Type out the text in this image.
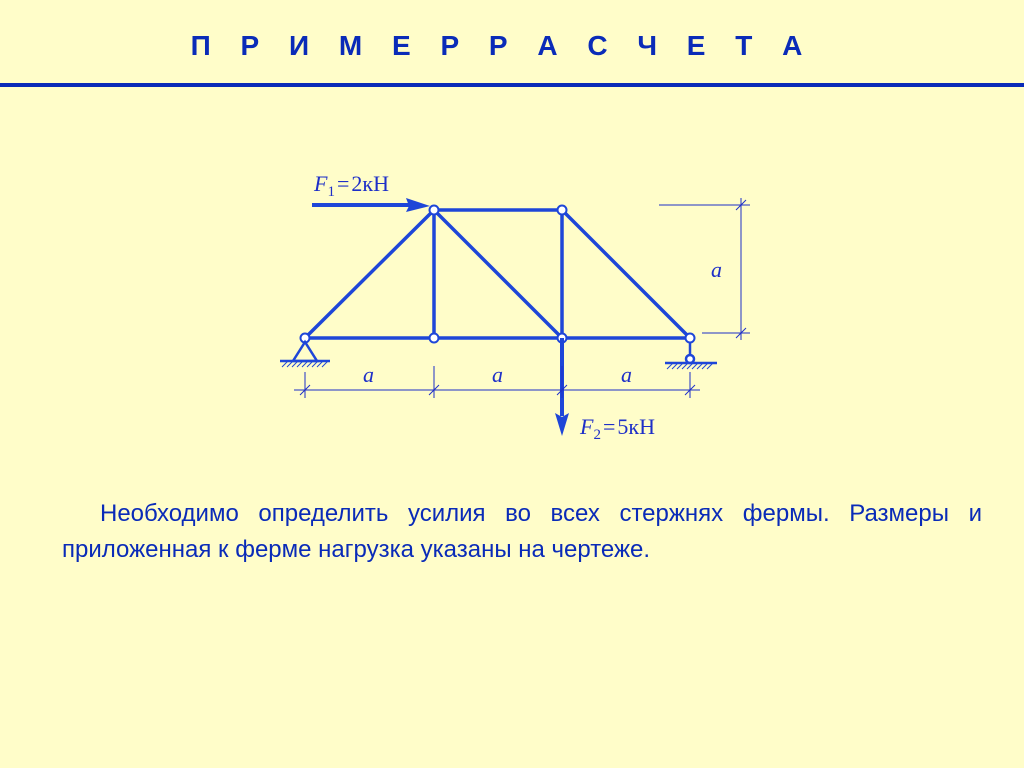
П Р И М Е Р Р А С Ч Е Т А
$F_1=2кН$
$F_2=5кН$
a	a	a
a

Необходимо определить усилия во всех стержнях фермы. Размеры и приложенная к ферме нагрузка указаны на чертеже.
